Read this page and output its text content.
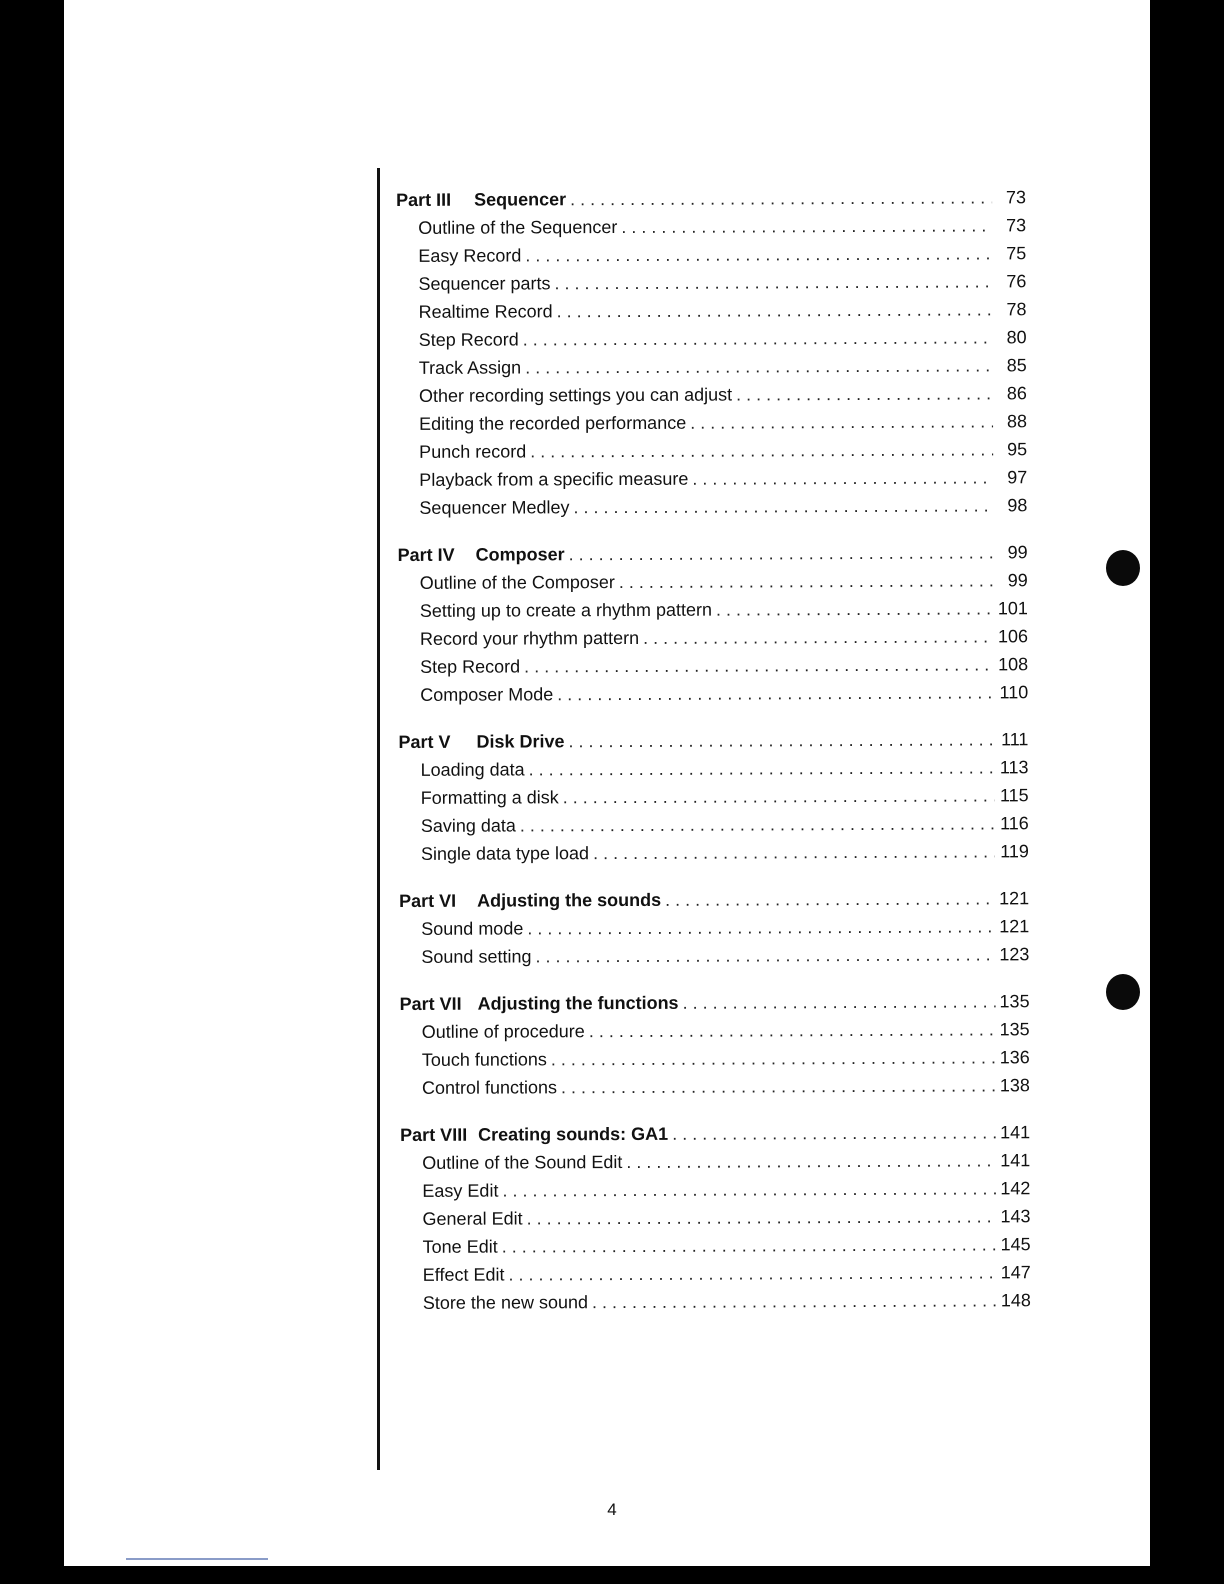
Part III	Sequencer . . .	73
Outline of the Sequencer . . .	73
Easy Record . . .	75
Sequencer parts . . .	76
Realtime Record . . .	78
Step Record . . .	80
Track Assign . . .	85
Other recording settings you can adjust . . .	86
Editing the recorded performance . . .	88
Punch record . . .	95
Playback from a specific measure . . .	97
Sequencer Medley . . .	98
Part IV	Composer . . .	99
Outline of the Composer . . .	99
Setting up to create a rhythm pattern . . .	101
Record your rhythm pattern . . .	106
Step Record . . .	108
Composer Mode . . .	110
Part V	Disk Drive . . .	111
Loading data . . .	113
Formatting a disk . . .	115
Saving data . . .	116
Single data type load . . .	119
Part VI	Adjusting the sounds . . .	121
Sound mode . . .	121
Sound setting . . .	123
Part VII Adjusting the functions . . .	135
Outline of procedure . . .	135
Touch functions . . .	136
Control functions . . .	138
Part VIII Creating sounds: GA1 . . .	141
Outline of the Sound Edit . . .	141
Easy Edit . . .	142
General Edit . . .	143
Tone Edit . . .	145
Effect Edit . . .	147
Store the new sound . . .	148
4
